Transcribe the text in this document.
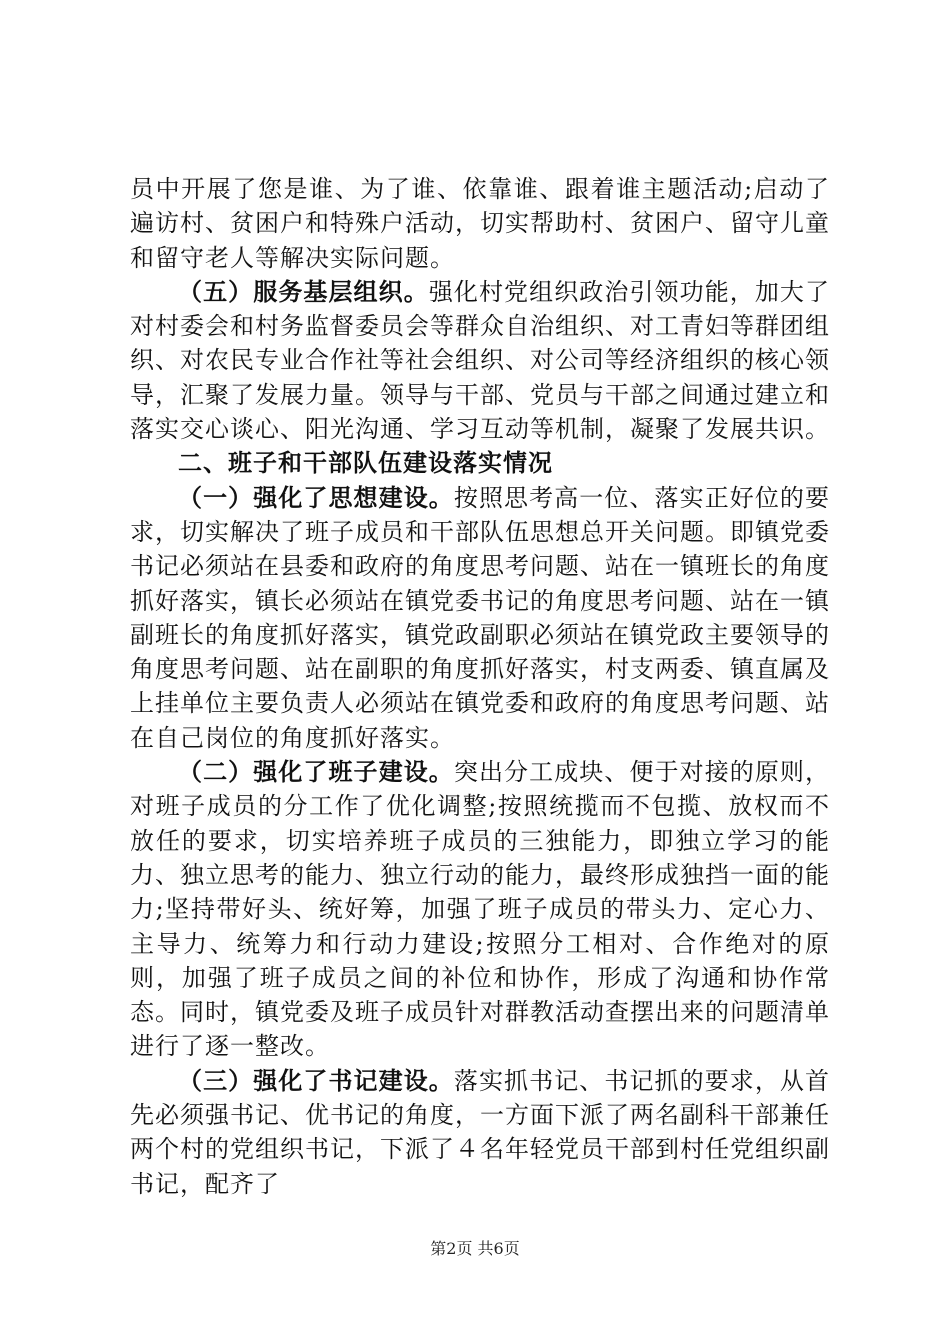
员中开展了您是谁、为了谁、依靠谁、跟着谁主题活动;启动了遍访村、贫困户和特殊户活动，切实帮助村、贫困户、留守儿童和留守老人等解决实际问题。

（五）服务基层组织。强化村党组织政治引领功能，加大了对村委会和村务监督委员会等群众自治组织、对工青妇等群团组织、对农民专业合作社等社会组织、对公司等经济组织的核心领导，汇聚了发展力量。领导与干部、党员与干部之间通过建立和落实交心谈心、阳光沟通、学习互动等机制，凝聚了发展共识。

二、班子和干部队伍建设落实情况

（一）强化了思想建设。按照思考高一位、落实正好位的要求，切实解决了班子成员和干部队伍思想总开关问题。即镇党委书记必须站在县委和政府的角度思考问题、站在一镇班长的角度抓好落实，镇长必须站在镇党委书记的角度思考问题、站在一镇副班长的角度抓好落实，镇党政副职必须站在镇党政主要领导的角度思考问题、站在副职的角度抓好落实，村支两委、镇直属及上挂单位主要负责人必须站在镇党委和政府的角度思考问题、站在自己岗位的角度抓好落实。

（二）强化了班子建设。突出分工成块、便于对接的原则，对班子成员的分工作了优化调整;按照统揽而不包揽、放权而不放任的要求，切实培养班子成员的三独能力，即独立学习的能力、独立思考的能力、独立行动的能力，最终形成独挡一面的能力;坚持带好头、统好筹，加强了班子成员的带头力、定心力、主导力、统筹力和行动力建设;按照分工相对、合作绝对的原则，加强了班子成员之间的补位和协作，形成了沟通和协作常态。同时，镇党委及班子成员针对群教活动查摆出来的问题清单进行了逐一整改。

（三）强化了书记建设。落实抓书记、书记抓的要求，从首先必须强书记、优书记的角度，一方面下派了两名副科干部兼任两个村的党组织书记，下派了４名年轻党员干部到村任党组织副书记，配齐了

第2页 共6页
